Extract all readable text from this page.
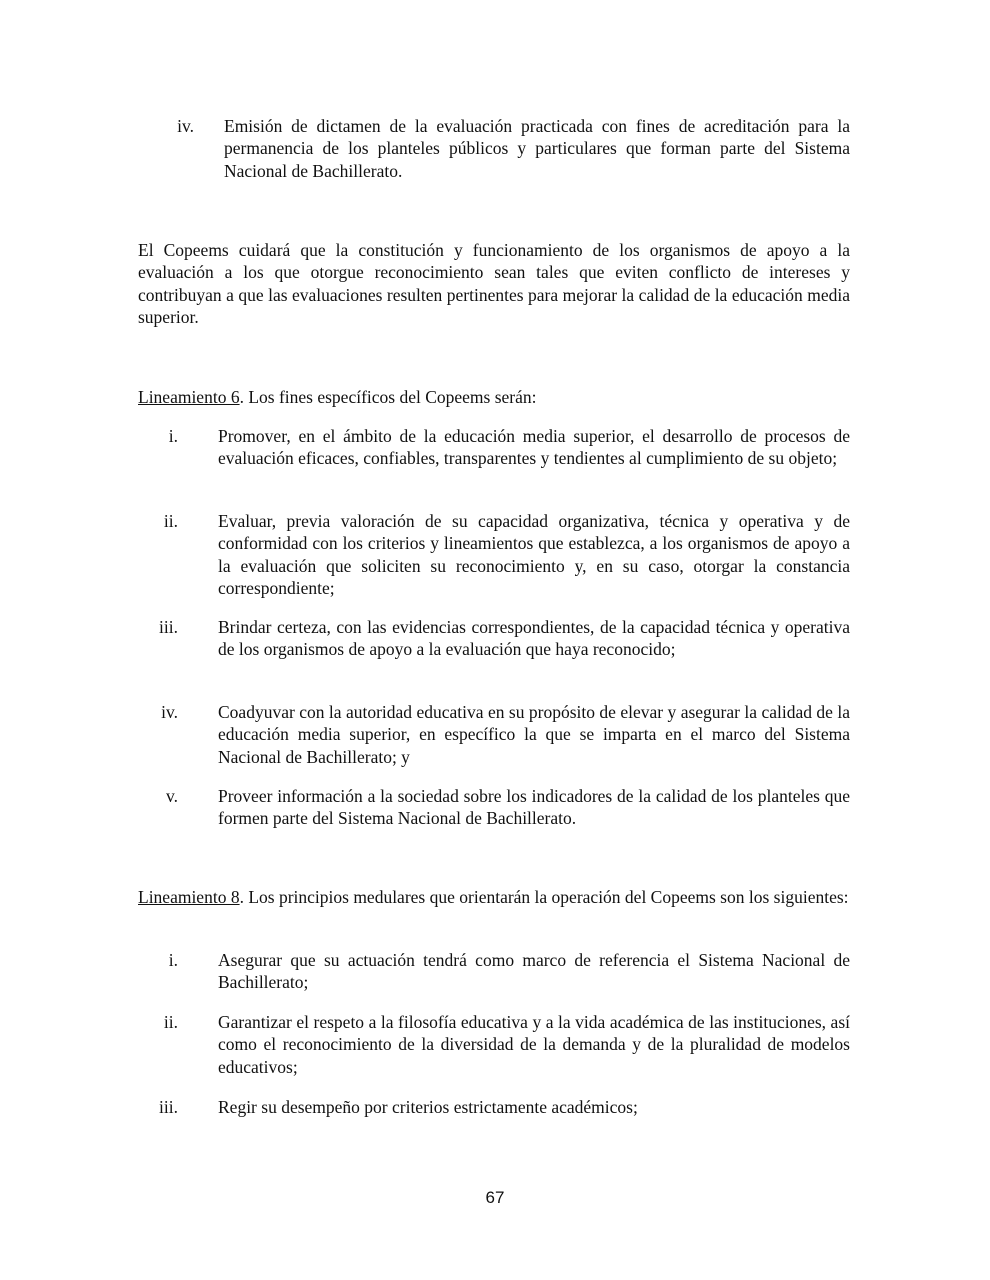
iv. Emisión de dictamen de la evaluación practicada con fines de acreditación para la permanencia de los planteles públicos y particulares que forman parte del Sistema Nacional de Bachillerato.

El Copeems cuidará que la constitución y funcionamiento de los organismos de apoyo a la evaluación a los que otorgue reconocimiento sean tales que eviten conflicto de intereses y contribuyan a que las evaluaciones resulten pertinentes para mejorar la calidad de la educación media superior.

Lineamiento 6. Los fines específicos del Copeems serán:

i. Promover, en el ámbito de la educación media superior, el desarrollo de procesos de evaluación eficaces, confiables, transparentes y tendientes al cumplimiento de su objeto;
ii. Evaluar, previa valoración de su capacidad organizativa, técnica y operativa y de conformidad con los criterios y lineamientos que establezca, a los organismos de apoyo a la evaluación que soliciten su reconocimiento y, en su caso, otorgar la constancia correspondiente;
iii. Brindar certeza, con las evidencias correspondientes, de la capacidad técnica y operativa de los organismos de apoyo a la evaluación que haya reconocido;
iv. Coadyuvar con la autoridad educativa en su propósito de elevar y asegurar la calidad de la educación media superior, en específico la que se imparta en el marco del Sistema Nacional de Bachillerato; y
v. Proveer información a la sociedad sobre los indicadores de la calidad de los planteles que formen parte del Sistema Nacional de Bachillerato.

Lineamiento 8. Los principios medulares que orientarán la operación del Copeems son los siguientes:

i. Asegurar que su actuación tendrá como marco de referencia el Sistema Nacional de Bachillerato;
ii. Garantizar el respeto a la filosofía educativa y a la vida académica de las instituciones, así como el reconocimiento de la diversidad de la demanda y de la pluralidad de modelos educativos;
iii. Regir su desempeño por criterios estrictamente académicos;
67
